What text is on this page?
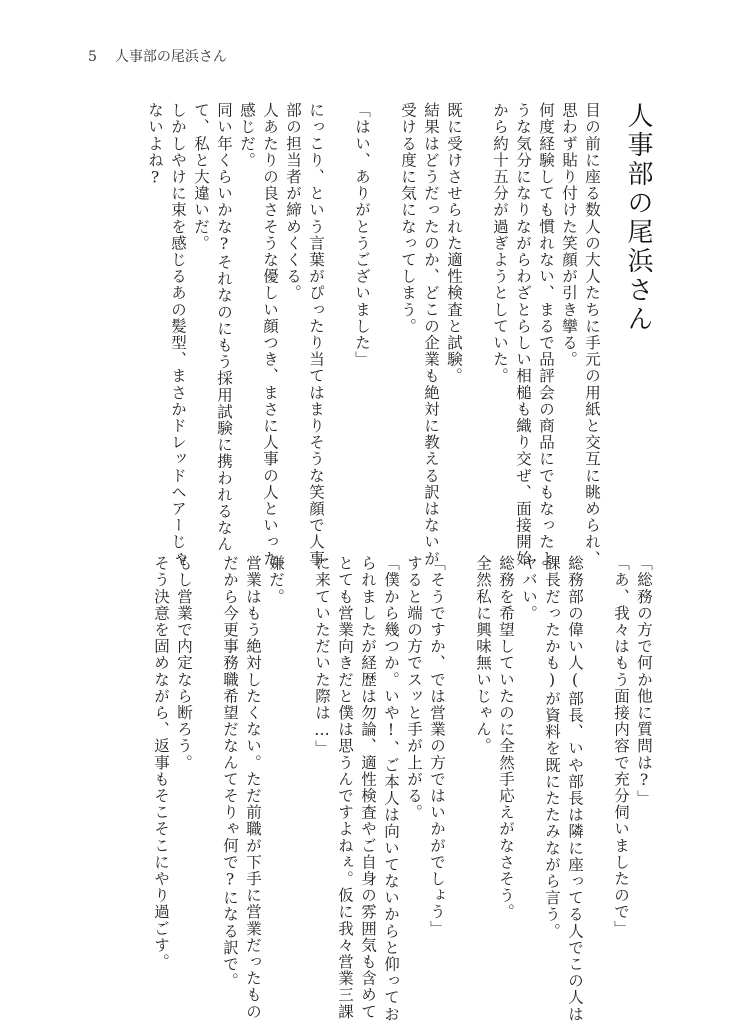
5 人事部の尾浜さん
人事部の尾浜さん
目の前に座る数人の大人たちに手元の用紙と交互に眺められ、
思わず貼り付けた笑顔が引き攣る。
何度経験しても慣れない、まるで品評会の商品にでもなったよ
うな気分になりながらわざとらしい相槌も織り交ぜ、面接開始
から約十五分が過ぎようとしていた。
既に受けさせられた適性検査と試験。
結果はどうだったのか、どこの企業も絶対に教える訳はないが
受ける度に気になってしまう。
「はい、ありがとうございました」
にっこり、という言葉がぴったり当てはまりそうな笑顔で人事
部の担当者が締めくくる。
人あたりの良さそうな優しい顔つき、まさに人事の人といった
感じだ。
同い年くらいかな?それなのにもう採用試験に携われるなん
て、私と大違いだ。
しかしやけに束を感じるあの髪型、まさかドレッドヘアーじゃ
ないよね?
「総務の方で何か他に質問は?」
「あ、我々はもう面接内容で充分伺いましたので」
総務部の偉い人(部長、いや部長は隣に座ってる人でこの人は
課長だったかも)が資料を既にたたみながら言う。
ヤバい。
総務を希望していたのに全然手応えがなさそう。
全然私に興味無いじゃん。
「そうですか、では営業の方ではいかがでしょう」
すると端の方でスッと手が上がる。
「僕から幾つか。いや!、ご本人は向いてないからと仰ってお
られましたが経歴は勿論、適性検査やご自身の雰囲気も含めて
とても営業向きだと僕は思うんですよねぇ。仮に我々営業三課
に来ていただいた際は…」
嫌だ。
営業はもう絶対したくない。ただ前職が下手に営業だったもの
だから今更事務職希望だなんてそりゃ何で?になる訳で。
もし営業で内定なら断ろう。
そう決意を固めながら、返事もそこそこにやり過ごす。
